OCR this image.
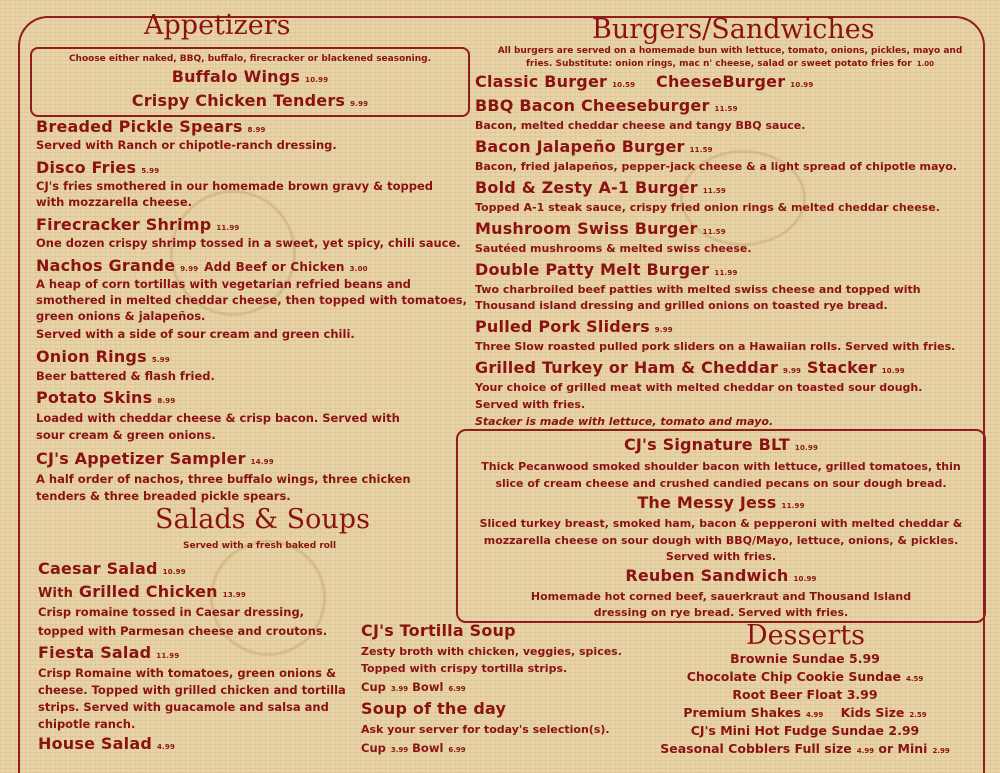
Appetizers
Choose either naked, BBQ, buffalo, firecracker or blackened seasoning.
Buffalo Wings 10.99
Crispy Chicken Tenders 9.99
Breaded Pickle Spears 8.99
Served with Ranch or chipotle-ranch dressing.
Disco Fries 5.99
CJ's fries smothered in our homemade brown gravy & topped
with mozzarella cheese.
Firecracker Shrimp 11.99
One dozen crispy shrimp tossed in a sweet, yet spicy, chili sauce.
Nachos Grande 9.99 Add Beef or Chicken 3.00
A heap of corn tortillas with vegetarian refried beans and
smothered in melted cheddar cheese, then topped with tomatoes,
green onions & jalapeños.
Served with a side of sour cream and green chili.
Onion Rings 5.99
Beer battered & flash fried.
Potato Skins 8.99
Loaded with cheddar cheese & crisp bacon. Served with
sour cream & green onions.
CJ's Appetizer Sampler 14.99
A half order of nachos, three buffalo wings, three chicken
tenders & three breaded pickle spears.
Salads & Soups
Served with a fresh baked roll
Caesar Salad 10.99
With Grilled Chicken 13.99
Crisp romaine tossed in Caesar dressing,
topped with Parmesan cheese and croutons.
Fiesta Salad 11.99
Crisp Romaine with tomatoes, green onions &
cheese. Topped with grilled chicken and tortilla
strips. Served with guacamole and salsa and
chipotle ranch.
House Salad 4.99
CJ's Tortilla Soup
Zesty broth with chicken, veggies, spices.
Topped with crispy tortilla strips.
Cup 3.99 Bowl 6.99
Soup of the day
Ask your server for today's selection(s).
Cup 3.99 Bowl 6.99
Burgers/Sandwiches
All burgers are served on a homemade bun with lettuce, tomato, onions, pickles, mayo and
fries. Substitute: onion rings, mac n' cheese, salad or sweet potato fries for 1.00
Classic Burger 10.59 CheeseBurger 10.99
BBQ Bacon Cheeseburger 11.59
Bacon, melted cheddar cheese and tangy BBQ sauce.
Bacon Jalapeño Burger 11.59
Bacon, fried jalapeños, pepper-jack cheese & a light spread of chipotle mayo.
Bold & Zesty A-1 Burger 11.59
Topped A-1 steak sauce, crispy fried onion rings & melted cheddar cheese.
Mushroom Swiss Burger 11.59
Sautéed mushrooms & melted swiss cheese.
Double Patty Melt Burger 11.99
Two charbroiled beef patties with melted swiss cheese and topped with
Thousand island dressing and grilled onions on toasted rye bread.
Pulled Pork Sliders 9.99
Three Slow roasted pulled pork sliders on a Hawaiian rolls. Served with fries.
Grilled Turkey or Ham & Cheddar 9.99 Stacker 10.99
Your choice of grilled meat with melted cheddar on toasted sour dough.
Served with fries.
Stacker is made with lettuce, tomato and mayo.
CJ's Signature BLT 10.99
Thick Pecanwood smoked shoulder bacon with lettuce, grilled tomatoes, thin
slice of cream cheese and crushed candied pecans on sour dough bread.
The Messy Jess 11.99
Sliced turkey breast, smoked ham, bacon & pepperoni with melted cheddar &
mozzarella cheese on sour dough with BBQ/Mayo, lettuce, onions, & pickles.
Served with fries.
Reuben Sandwich 10.99
Homemade hot corned beef, sauerkraut and Thousand Island
dressing on rye bread. Served with fries.
Desserts
Brownie Sundae 5.99
Chocolate Chip Cookie Sundae 4.59
Root Beer Float 3.99
Premium Shakes 4.99 Kids Size 2.59
CJ's Mini Hot Fudge Sundae 2.99
Seasonal Cobblers Full size 4.99 or Mini 2.99
